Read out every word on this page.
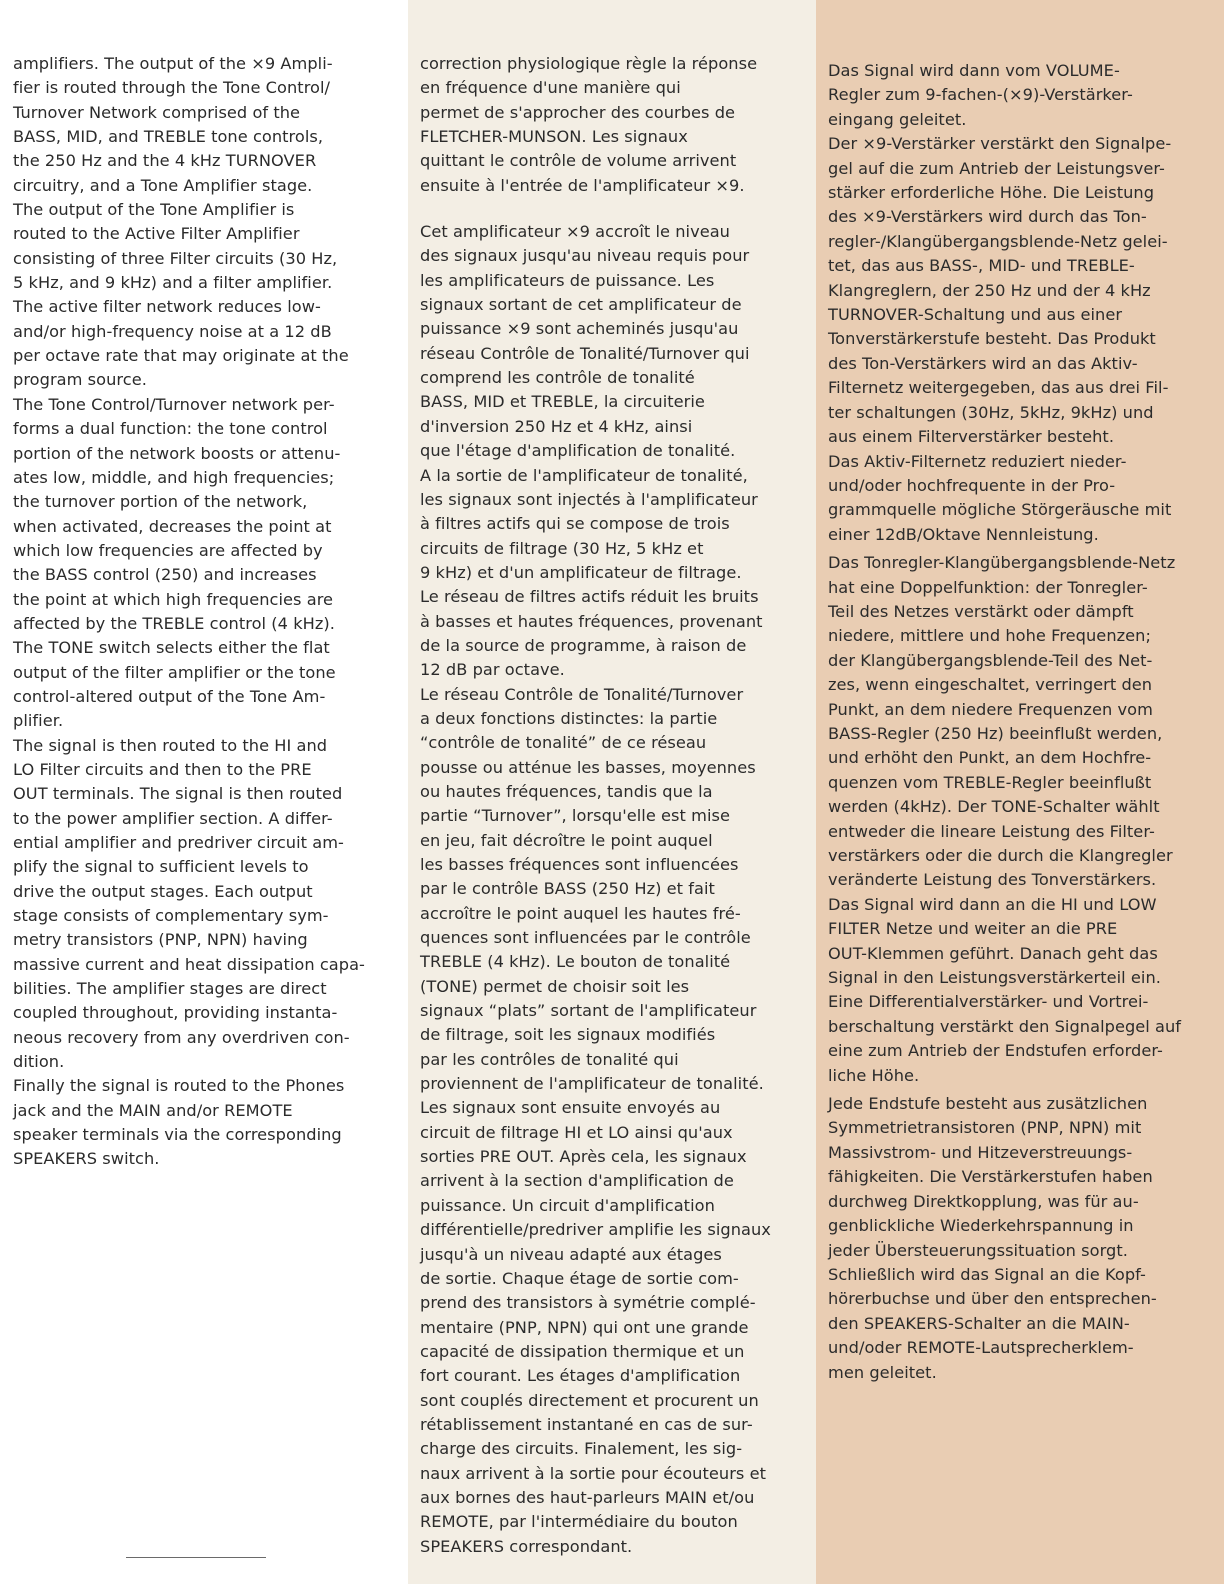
amplifiers. The output of the ×9 Ampli-
fier is routed through the Tone Control/
Turnover Network comprised of the
BASS, MID, and TREBLE tone controls,
the 250 Hz and the 4 kHz TURNOVER
circuitry, and a Tone Amplifier stage.
The output of the Tone Amplifier is
routed to the Active Filter Amplifier
consisting of three Filter circuits (30 Hz,
5 kHz, and 9 kHz) and a filter amplifier.
The active filter network reduces low-
and/or high-frequency noise at a 12 dB
per octave rate that may originate at the
program source.

The Tone Control/Turnover network per-
forms a dual function: the tone control
portion of the network boosts or attenu-
ates low, middle, and high frequencies;
the turnover portion of the network,
when activated, decreases the point at
which low frequencies are affected by
the BASS control (250) and increases
the point at which high frequencies are
affected by the TREBLE control (4 kHz).
The TONE switch selects either the flat
output of the filter amplifier or the tone
control-altered output of the Tone Am-
plifier.

The signal is then routed to the HI and
LO Filter circuits and then to the PRE
OUT terminals. The signal is then routed
to the power amplifier section. A differ-
ential amplifier and predriver circuit am-
plify the signal to sufficient levels to
drive the output stages. Each output
stage consists of complementary sym-
metry transistors (PNP, NPN) having
massive current and heat dissipation capa-
bilities. The amplifier stages are direct
coupled throughout, providing instanta-
neous recovery from any overdriven con-
dition.

Finally the signal is routed to the Phones
jack and the MAIN and/or REMOTE
speaker terminals via the corresponding
SPEAKERS switch.

correction physiologique règle la réponse
en fréquence d'une manière qui
permet de s'approcher des courbes de
FLETCHER-MUNSON. Les signaux
quittant le contrôle de volume arrivent
ensuite à l'entrée de l'amplificateur ×9.

Cet amplificateur ×9 accroît le niveau
des signaux jusqu'au niveau requis pour
les amplificateurs de puissance. Les
signaux sortant de cet amplificateur de
puissance ×9 sont acheminés jusqu'au
réseau Contrôle de Tonalité/Turnover qui
comprend les contrôle de tonalité
BASS, MID et TREBLE, la circuiterie
d'inversion 250 Hz et 4 kHz, ainsi
que l'étage d'amplification de tonalité.
A la sortie de l'amplificateur de tonalité,
les signaux sont injectés à l'amplificateur
à filtres actifs qui se compose de trois
circuits de filtrage (30 Hz, 5 kHz et
9 kHz) et d'un amplificateur de filtrage.
Le réseau de filtres actifs réduit les bruits
à basses et hautes fréquences, provenant
de la source de programme, à raison de
12 dB par octave.
Le réseau Contrôle de Tonalité/Turnover
a deux fonctions distinctes: la partie
“contrôle de tonalité” de ce réseau
pousse ou atténue les basses, moyennes
ou hautes fréquences, tandis que la
partie “Turnover”, lorsqu'elle est mise
en jeu, fait décroître le point auquel
les basses fréquences sont influencées
par le contrôle BASS (250 Hz) et fait
accroître le point auquel les hautes fré-
quences sont influencées par le contrôle
TREBLE (4 kHz). Le bouton de tonalité
(TONE) permet de choisir soit les
signaux “plats” sortant de l'amplificateur
de filtrage, soit les signaux modifiés
par les contrôles de tonalité qui
proviennent de l'amplificateur de tonalité.
Les signaux sont ensuite envoyés au
circuit de filtrage HI et LO ainsi qu'aux
sorties PRE OUT. Après cela, les signaux
arrivent à la section d'amplification de
puissance. Un circuit d'amplification
différentielle/predriver amplifie les signaux
jusqu'à un niveau adapté aux étages
de sortie. Chaque étage de sortie com-
prend des transistors à symétrie complé-
mentaire (PNP, NPN) qui ont une grande
capacité de dissipation thermique et un
fort courant. Les étages d'amplification
sont couplés directement et procurent un
rétablissement instantané en cas de sur-
charge des circuits. Finalement, les sig-
naux arrivent à la sortie pour écouteurs et
aux bornes des haut-parleurs MAIN et/ou
REMOTE, par l'intermédiaire du bouton
SPEAKERS correspondant.

Das Signal wird dann vom VOLUME-
Regler zum 9-fachen-(×9)-Verstärker-
eingang geleitet.
Der ×9-Verstärker verstärkt den Signalpe-
gel auf die zum Antrieb der Leistungsver-
stärker erforderliche Höhe. Die Leistung
des ×9-Verstärkers wird durch das Ton-
regler-/Klangübergangsblende-Netz gelei-
tet, das aus BASS-, MID- und TREBLE-
Klangreglern, der 250 Hz und der 4 kHz
TURNOVER-Schaltung und aus einer
Tonverstärkerstufe besteht. Das Produkt
des Ton-Verstärkers wird an das Aktiv-
Filternetz weitergegeben, das aus drei Fil-
ter schaltungen (30Hz, 5kHz, 9kHz) und
aus einem Filterverstärker besteht.
Das Aktiv-Filternetz reduziert nieder-
und/oder hochfrequente in der Pro-
grammquelle mögliche Störgeräusche mit
einer 12dB/Oktave Nennleistung.

Das Tonregler-Klangübergangsblende-Netz
hat eine Doppelfunktion: der Tonregler-
Teil des Netzes verstärkt oder dämpft
niedere, mittlere und hohe Frequenzen;
der Klangübergangsblende-Teil des Net-
zes, wenn eingeschaltet, verringert den
Punkt, an dem niedere Frequenzen vom
BASS-Regler (250 Hz) beeinflußt werden,
und erhöht den Punkt, an dem Hochfre-
quenzen vom TREBLE-Regler beeinflußt
werden (4kHz). Der TONE-Schalter wählt
entweder die lineare Leistung des Filter-
verstärkers oder die durch die Klangregler
veränderte Leistung des Tonverstärkers.
Das Signal wird dann an die HI und LOW
FILTER Netze und weiter an die PRE
OUT-Klemmen geführt. Danach geht das
Signal in den Leistungsverstärkerteil ein.
Eine Differentialverstärker- und Vortrei-
berschaltung verstärkt den Signalpegel auf
eine zum Antrieb der Endstufen erforder-
liche Höhe.

Jede Endstufe besteht aus zusätzlichen
Symmetrietransistoren (PNP, NPN) mit
Massivstrom- und Hitzeverstreuungs-
fähigkeiten. Die Verstärkerstufen haben
durchweg Direktkopplung, was für au-
genblickliche Wiederkehrspannung in
jeder Übersteuerungssituation sorgt.
Schließlich wird das Signal an die Kopf-
hörerbuchse und über den entsprechen-
den SPEAKERS-Schalter an die MAIN-
und/oder REMOTE-Lautsprecherklem-
men geleitet.
